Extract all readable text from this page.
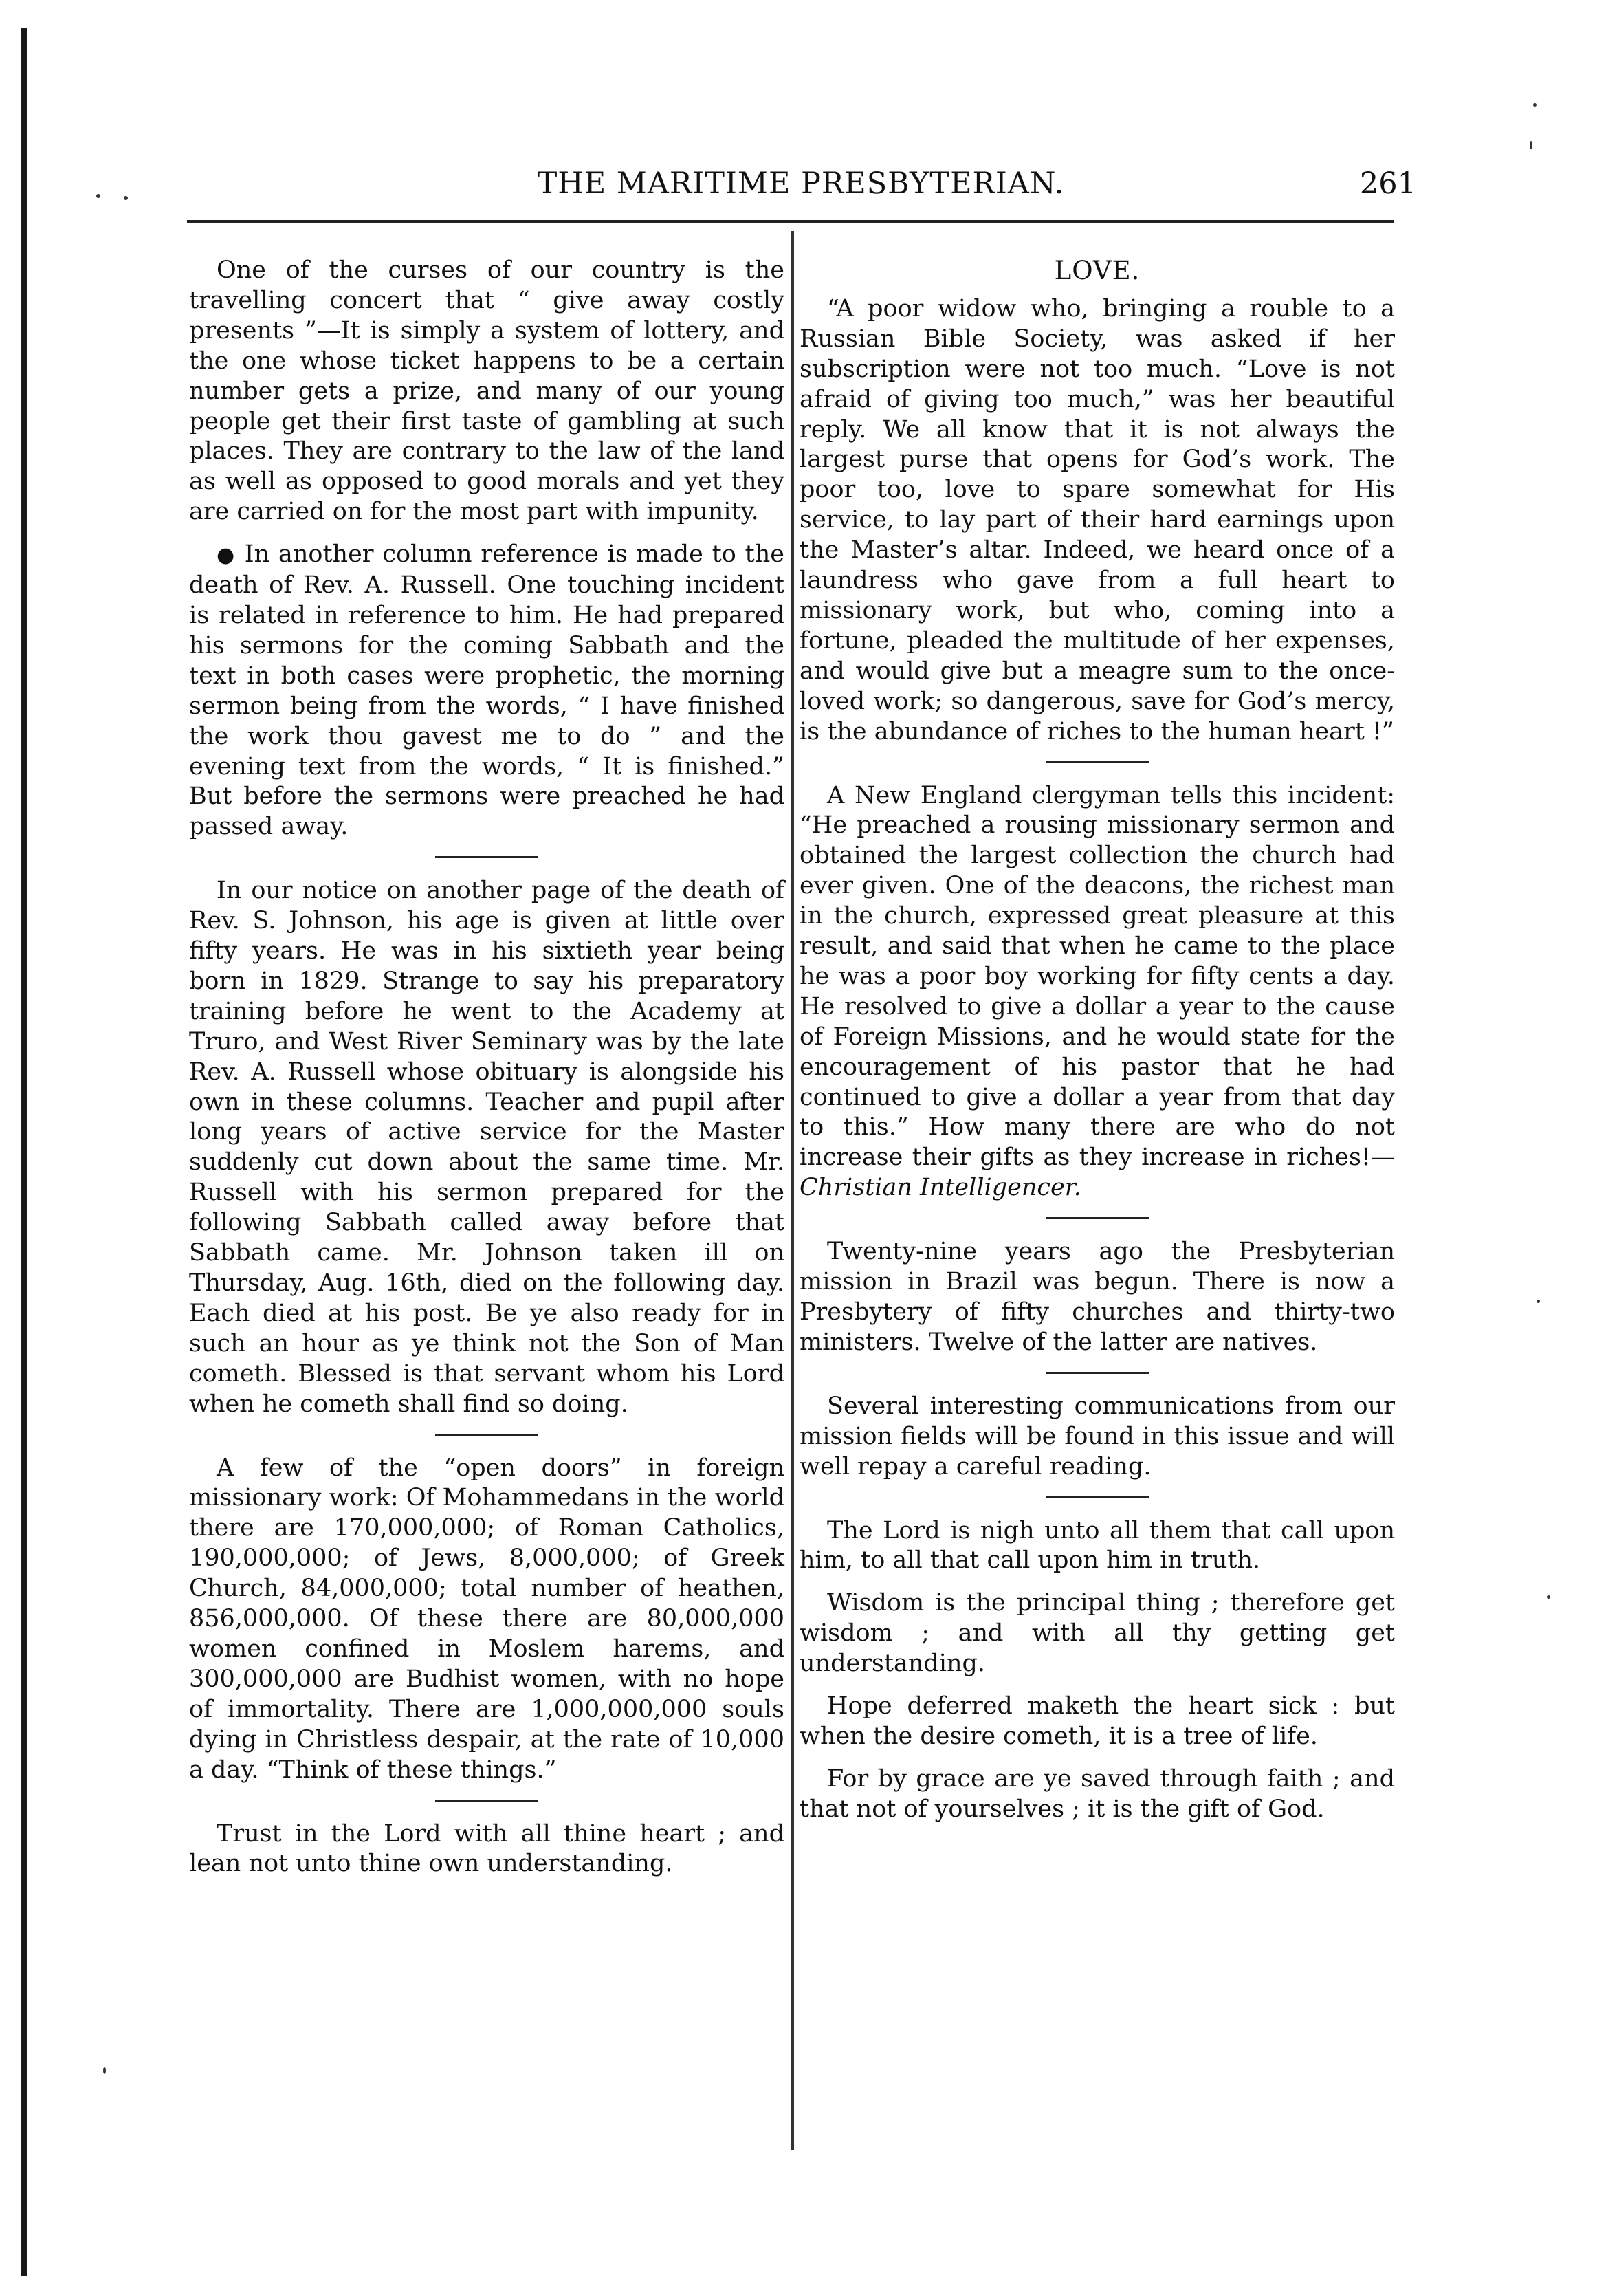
THE MARITIME PRESBYTERIAN.	261

One of the curses of our country is the travelling concert that “ give away costly presents ”—It is simply a system of lottery, and the one whose ticket happens to be a certain number gets a prize, and many of our young people get their first taste of gambling at such places. They are contrary to the law of the land as well as opposed to good morals and yet they are carried on for the most part with impunity.

● In another column reference is made to the death of Rev. A. Russell. One touching incident is related in reference to him. He had prepared his sermons for the coming Sabbath and the text in both cases were prophetic, the morning sermon being from the words, “ I have finished the work thou gavest me to do ” and the evening text from the words, “ It is finished.” But before the sermons were preached he had passed away.

In our notice on another page of the death of Rev. S. Johnson, his age is given at little over fifty years. He was in his sixtieth year being born in 1829. Strange to say his preparatory training before he went to the Academy at Truro, and West River Seminary was by the late Rev. A. Russell whose obituary is alongside his own in these columns. Teacher and pupil after long years of active service for the Master suddenly cut down about the same time. Mr. Russell with his sermon prepared for the following Sabbath called away before that Sabbath came. Mr. Johnson taken ill on Thursday, Aug. 16th, died on the following day. Each died at his post. Be ye also ready for in such an hour as ye think not the Son of Man cometh. Blessed is that servant whom his Lord when he cometh shall find so doing.

A few of the “open doors” in foreign missionary work: Of Mohammedans in the world there are 170,000,000; of Roman Catholics, 190,000,000; of Jews, 8,000,000; of Greek Church, 84,000,000; total number of heathen, 856,000,000. Of these there are 80,000,000 women confined in Moslem harems, and 300,000,000 are Budhist women, with no hope of immortality. There are 1,000,000,000 souls dying in Christless despair, at the rate of 10,000 a day. “Think of these things.”

Trust in the Lord with all thine heart ; and lean not unto thine own understanding.

LOVE.

“A poor widow who, bringing a rouble to a Russian Bible Society, was asked if her subscription were not too much. “Love is not afraid of giving too much,” was her beautiful reply. We all know that it is not always the largest purse that opens for God’s work. The poor too, love to spare somewhat for His service, to lay part of their hard earnings upon the Master’s altar. Indeed, we heard once of a laundress who gave from a full heart to missionary work, but who, coming into a fortune, pleaded the multitude of her expenses, and would give but a meagre sum to the once-loved work; so dangerous, save for God’s mercy, is the abundance of riches to the human heart !”

A New England clergyman tells this incident: “He preached a rousing missionary sermon and obtained the largest collection the church had ever given. One of the deacons, the richest man in the church, expressed great pleasure at this result, and said that when he came to the place he was a poor boy working for fifty cents a day. He resolved to give a dollar a year to the cause of Foreign Missions, and he would state for the encouragement of his pastor that he had continued to give a dollar a year from that day to this.” How many there are who do not increase their gifts as they increase in riches!— Christian Intelligencer.

Twenty-nine years ago the Presbyterian mission in Brazil was begun. There is now a Presbytery of fifty churches and thirty-two ministers. Twelve of the latter are natives.

Several interesting communications from our mission fields will be found in this issue and will well repay a careful reading.

The Lord is nigh unto all them that call upon him, to all that call upon him in truth.

Wisdom is the principal thing ; therefore get wisdom ; and with all thy getting get understanding.

Hope deferred maketh the heart sick : but when the desire cometh, it is a tree of life.

For by grace are ye saved through faith ; and that not of yourselves ; it is the gift of God.
